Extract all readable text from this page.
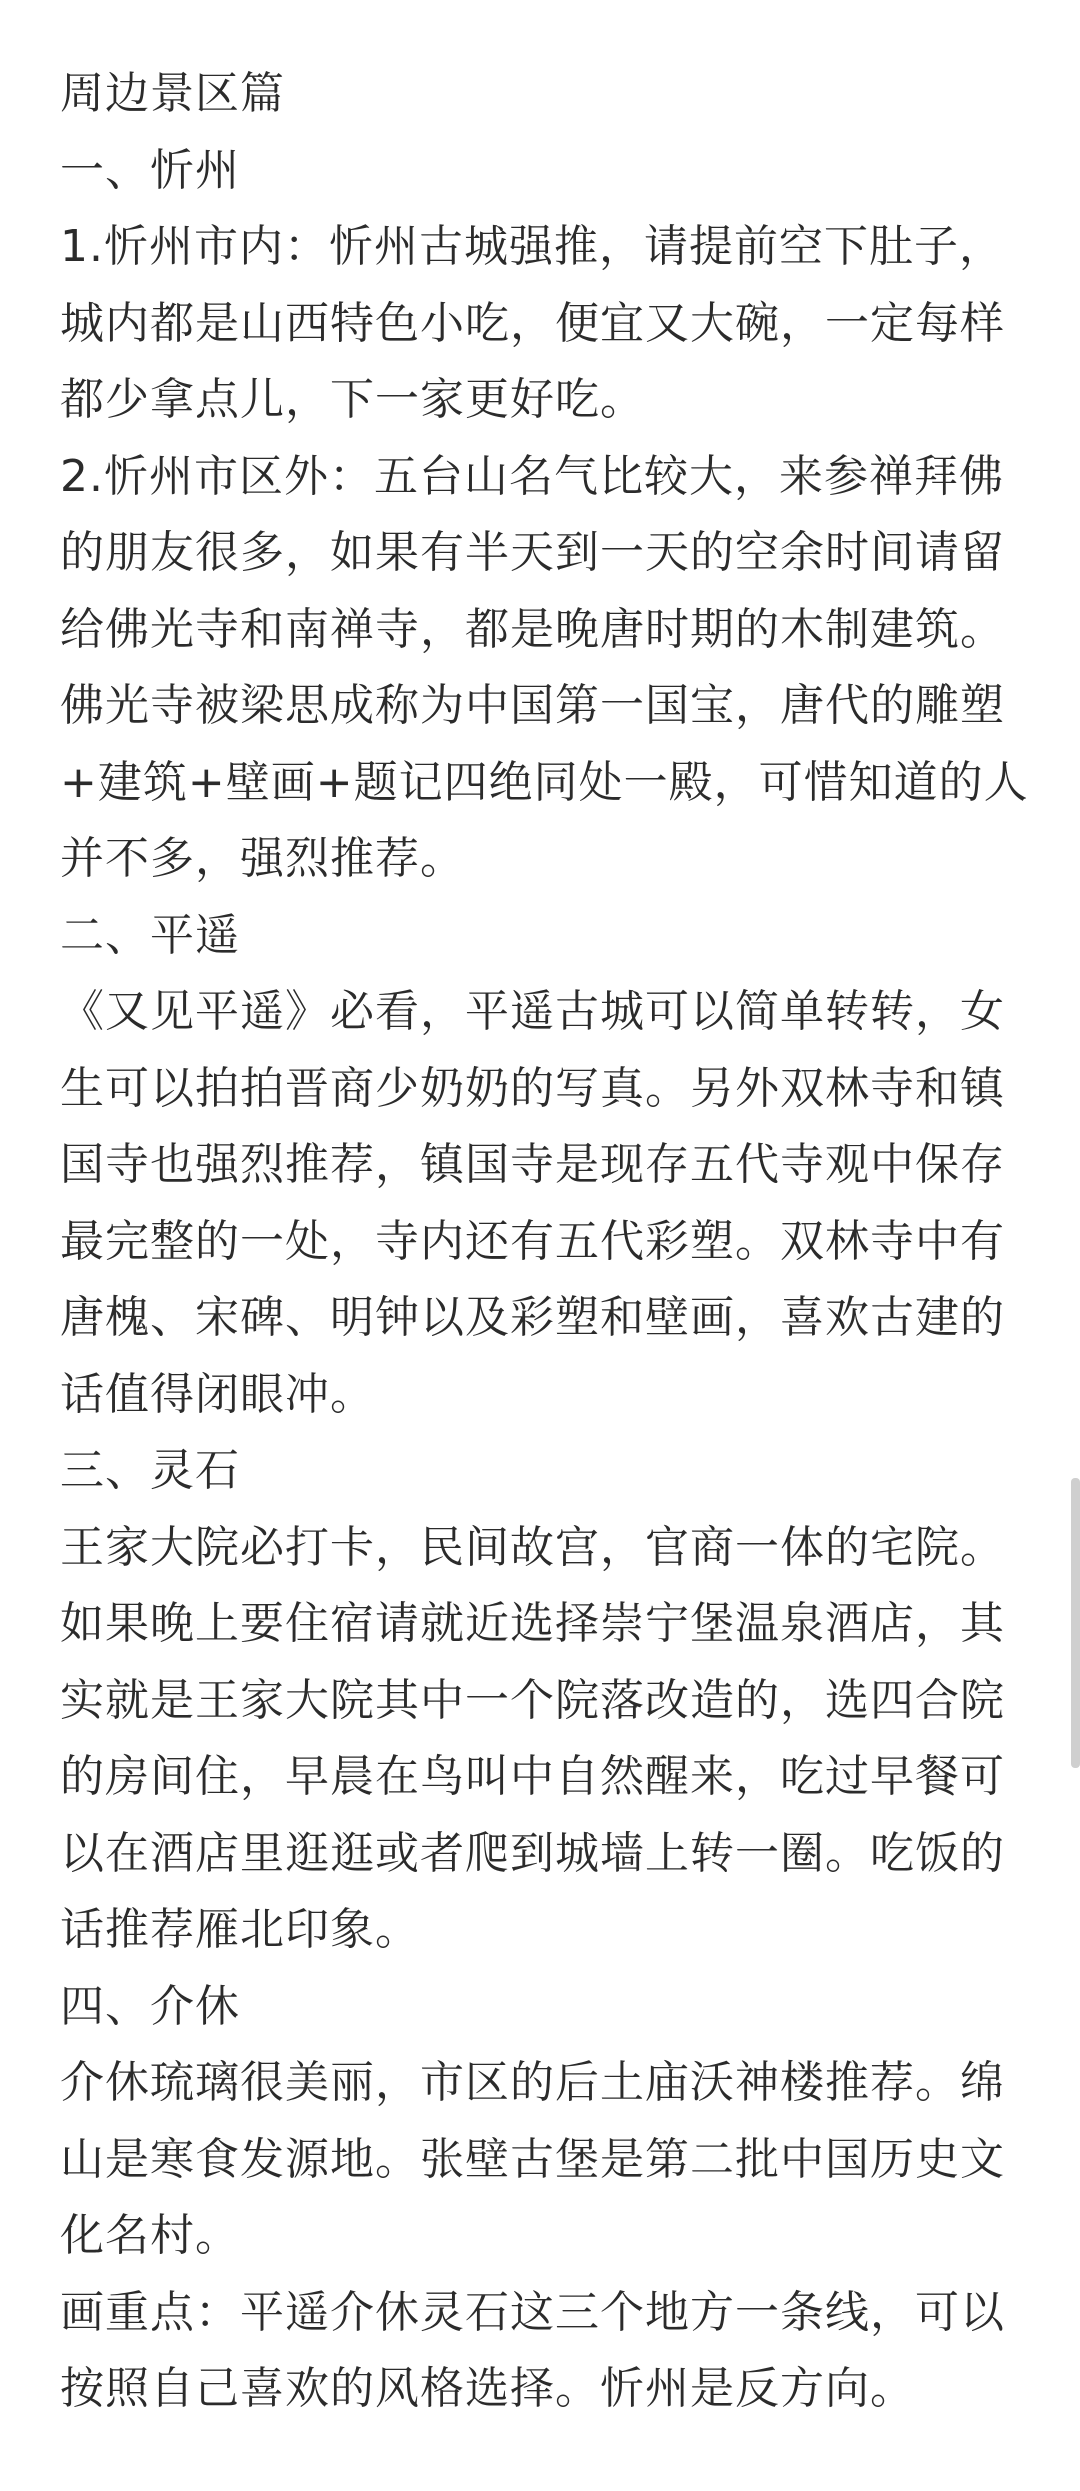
周边景区篇
一、忻州
1.忻州市内：忻州古城强推，请提前空下肚子，
城内都是山西特色小吃，便宜又大碗，一定每样
都少拿点儿，下一家更好吃。
2.忻州市区外：五台山名气比较大，来参禅拜佛
的朋友很多，如果有半天到一天的空余时间请留
给佛光寺和南禅寺，都是晚唐时期的木制建筑。
佛光寺被梁思成称为中国第一国宝，唐代的雕塑
+建筑+壁画+题记四绝同处一殿，可惜知道的人
并不多，强烈推荐。
二、平遥
《又见平遥》必看，平遥古城可以简单转转，女
生可以拍拍晋商少奶奶的写真。另外双林寺和镇
国寺也强烈推荐，镇国寺是现存五代寺观中保存
最完整的一处，寺内还有五代彩塑。双林寺中有
唐槐、宋碑、明钟以及彩塑和壁画，喜欢古建的
话值得闭眼冲。
三、灵石
王家大院必打卡，民间故宫，官商一体的宅院。
如果晚上要住宿请就近选择崇宁堡温泉酒店，其
实就是王家大院其中一个院落改造的，选四合院
的房间住，早晨在鸟叫中自然醒来，吃过早餐可
以在酒店里逛逛或者爬到城墙上转一圈。吃饭的
话推荐雁北印象。
四、介休
介休琉璃很美丽，市区的后土庙沃神楼推荐。绵
山是寒食发源地。张壁古堡是第二批中国历史文
化名村。
画重点：平遥介休灵石这三个地方一条线，可以
按照自己喜欢的风格选择。忻州是反方向。
